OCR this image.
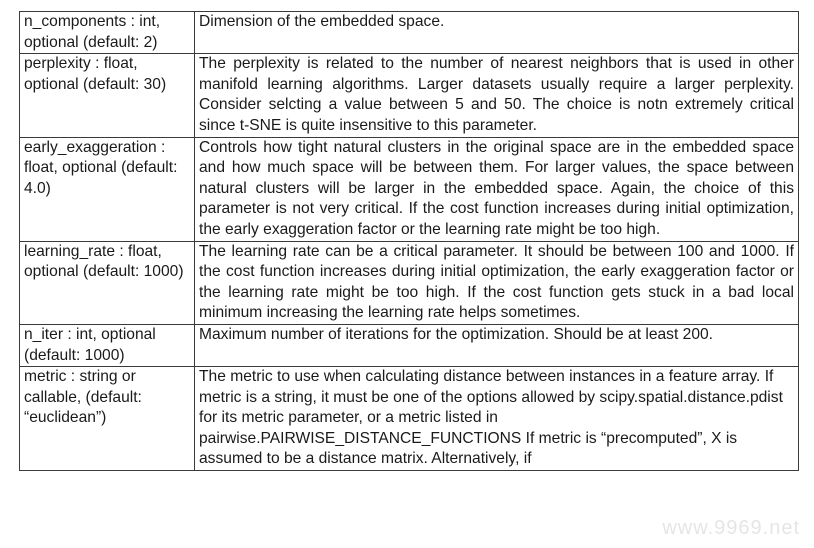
n_components : int, optional (default: 2)	Dimension of the embedded space.
perplexity : float, optional (default: 30)	The perplexity is related to the number of nearest neighbors that is used in other manifold learning algorithms. Larger datasets usually require a larger perplexity. Consider selcting a value between 5 and 50. The choice is notn extremely critical since t-SNE is quite insensitive to this parameter.
early_exaggeration : float, optional (default: 4.0)	Controls how tight natural clusters in the original space are in the embedded space and how much space will be between them. For larger values, the space between natural clusters will be larger in the embedded space. Again, the choice of this parameter is not very critical. If the cost function increases during initial optimization, the early exaggeration factor or the learning rate might be too high.
learning_rate : float, optional (default: 1000)	The learning rate can be a critical parameter. It should be between 100 and 1000. If the cost function increases during initial optimization, the early exaggeration factor or the learning rate might be too high. If the cost function gets stuck in a bad local minimum increasing the learning rate helps sometimes.
n_iter : int, optional (default: 1000)	Maximum number of iterations for the optimization. Should be at least 200.
metric : string or callable, (default: “euclidean”)	The metric to use when calculating distance between instances in a feature array. If metric is a string, it must be one of the options allowed by scipy.spatial.distance.pdist for its metric parameter, or a metric listed in pairwise.PAIRWISE_DISTANCE_FUNCTIONS If metric is “precomputed”, X is assumed to be a distance matrix. Alternatively, if
www.9969.net
